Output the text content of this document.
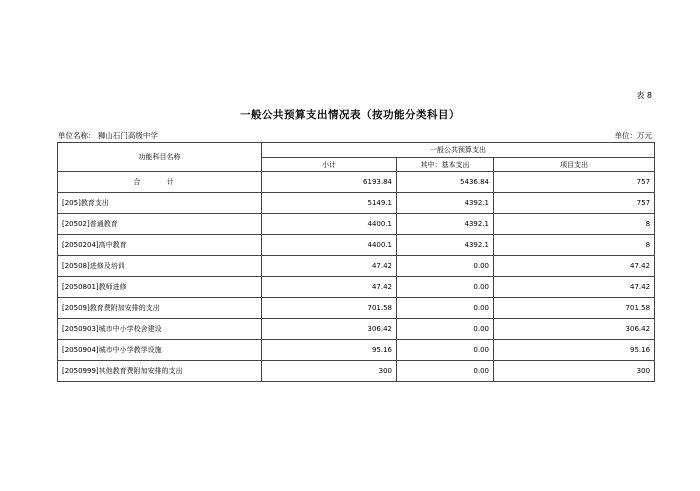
表 8
一般公共预算支出情况表（按功能分类科目）
单位名称： 狮山石门高级中学	单位：万元
功能科目名称	一般公共预算支出		
	小计	其中：基本支出	项目支出
合 计	6193.84	5436.84	757
[205]教育支出	5149.1	4392.1	757
[20502]普通教育	4400.1	4392.1	8
[2050204]高中教育	4400.1	4392.1	8
[20508]进修及培训	47.42	0.00	47.42
[2050801]教师进修	47.42	0.00	47.42
[20509]教育费附加安排的支出	701.58	0.00	701.58
[2050903]城市中小学校舍建设	306.42	0.00	306.42
[2050904]城市中小学教学设施	95.16	0.00	95.16
[2050999]其他教育费附加安排的支出	300	0.00	300
